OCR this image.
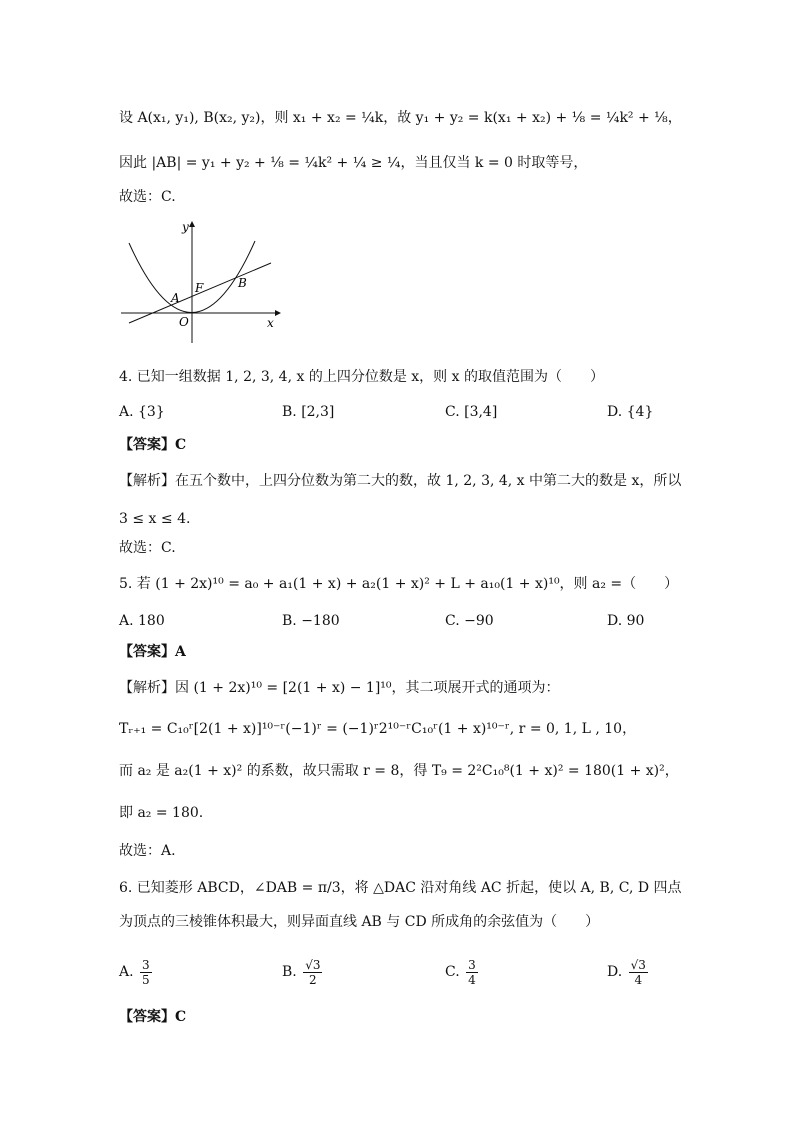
设 A(x₁, y₁), B(x₂, y₂)，则 x₁ + x₂ = ¼k，故 y₁ + y₂ = k(x₁ + x₂) + ⅛ = ¼k² + ⅛，
因此 |AB| = y₁ + y₂ + ⅛ = ¼k² + ¼ ≥ ¼，当且仅当 k = 0 时取等号，
故选：C.
y
x
O
A
B
F
4. 已知一组数据 1, 2, 3, 4, x 的上四分位数是 x，则 x 的取值范围为（　　）
A. {3}	B. [2,3]	C. [3,4]	D. {4}
【答案】C
【解析】在五个数中，上四分位数为第二大的数，故 1, 2, 3, 4, x 中第二大的数是 x，所以
3 ≤ x ≤ 4.
故选：C.
5. 若 (1 + 2x)¹⁰ = a₀ + a₁(1 + x) + a₂(1 + x)² + L + a₁₀(1 + x)¹⁰，则 a₂ =（　　）
A. 180	B. −180	C. −90	D. 90
【答案】A
【解析】因 (1 + 2x)¹⁰ = [2(1 + x) − 1]¹⁰，其二项展开式的通项为：
Tᵣ₊₁ = C₁₀ʳ[2(1 + x)]¹⁰⁻ʳ(−1)ʳ = (−1)ʳ2¹⁰⁻ʳC₁₀ʳ(1 + x)¹⁰⁻ʳ, r = 0, 1, L , 10，
而 a₂ 是 a₂(1 + x)² 的系数，故只需取 r = 8，得 T₉ = 2²C₁₀⁸(1 + x)² = 180(1 + x)²，
即 a₂ = 180.
故选：A.
6. 已知菱形 ABCD，∠DAB = π/3，将 △DAC 沿对角线 AC 折起，使以 A, B, C, D 四点
为顶点的三棱锥体积最大，则异面直线 AB 与 CD 所成角的余弦值为（　　）
A. $\frac{3}{5}$	B. $\frac{√3}{2}$	C. $\frac{3}{4}$	D. $\frac{√3}{4}$
【答案】C
